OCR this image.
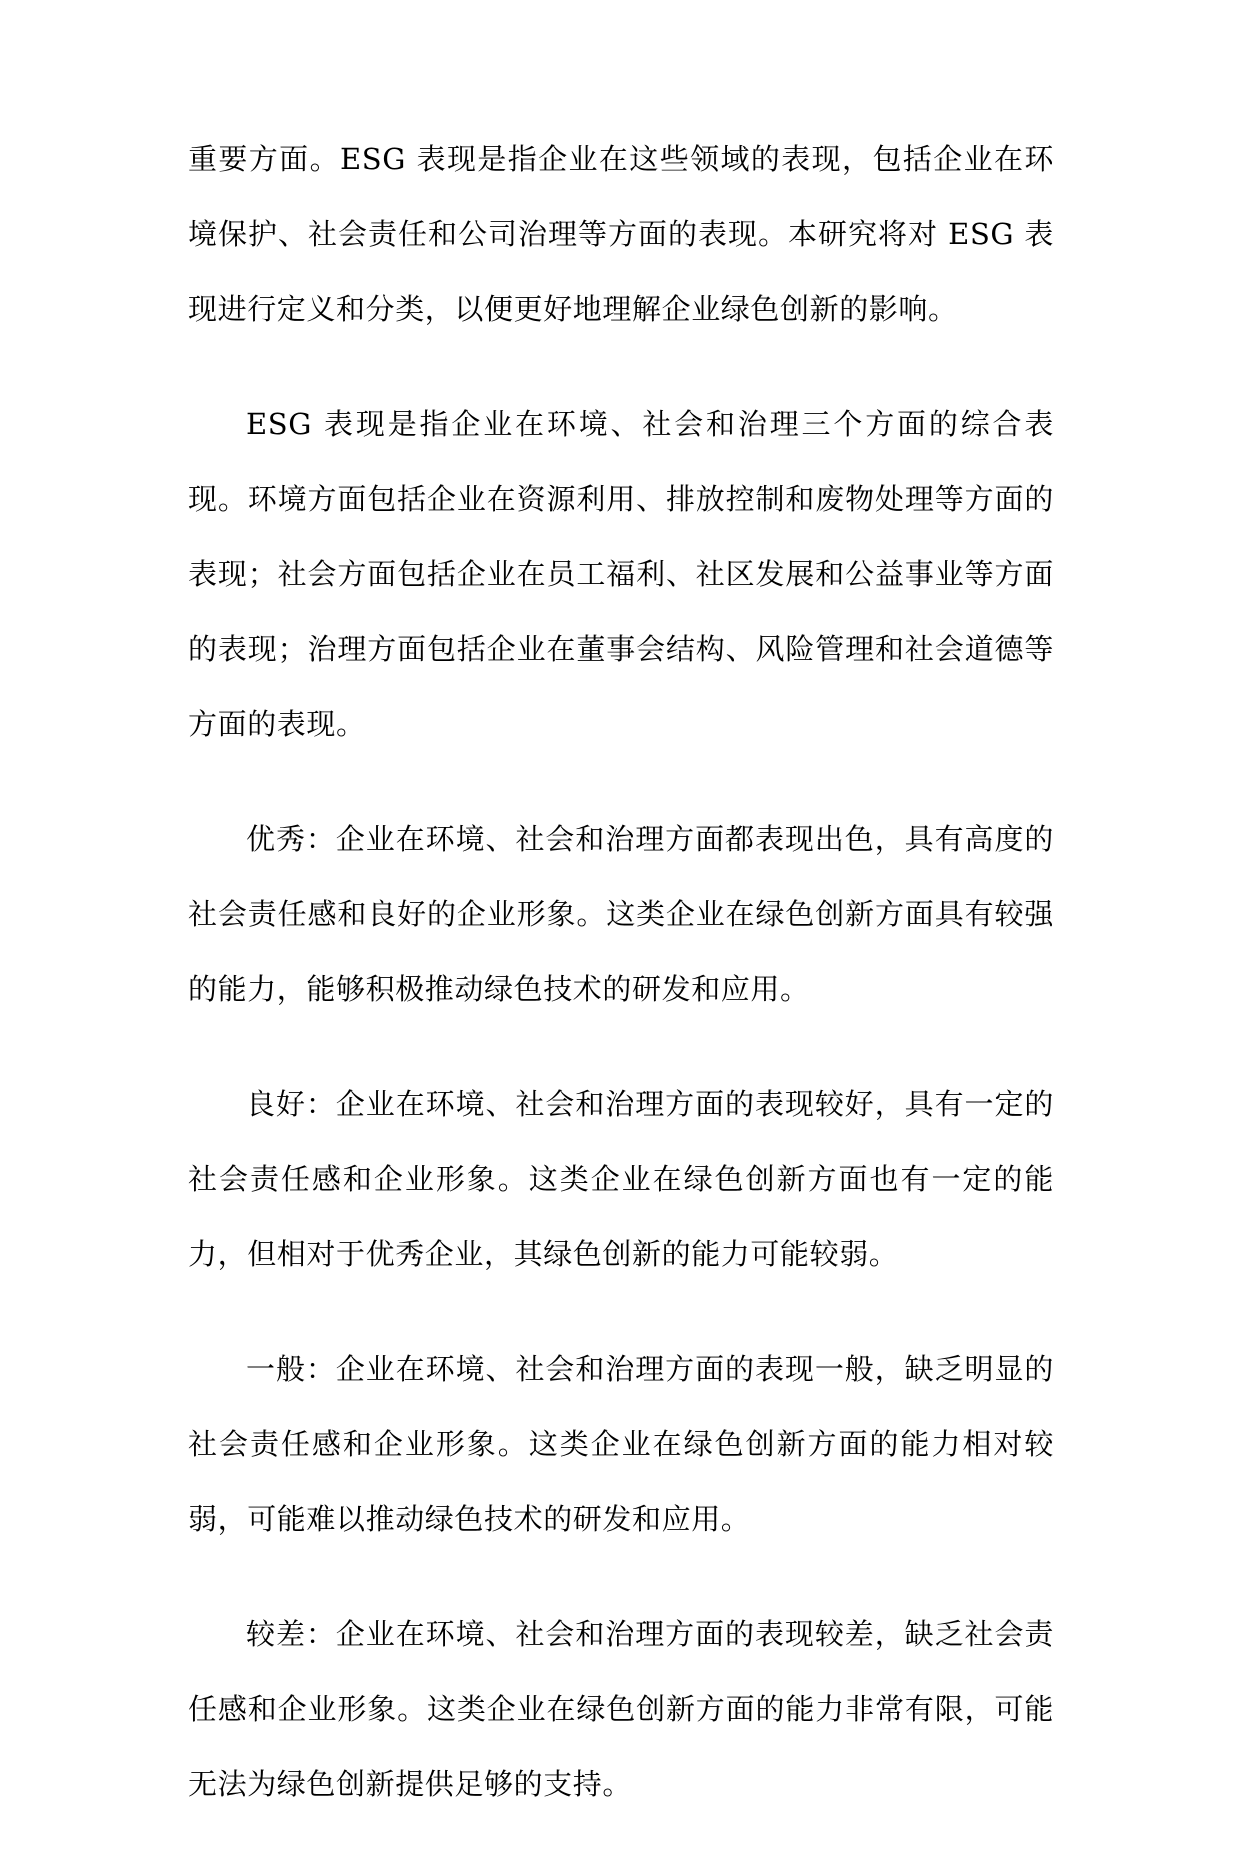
重要方面。ESG 表现是指企业在这些领域的表现，包括企业在环境保护、社会责任和公司治理等方面的表现。本研究将对 ESG 表现进行定义和分类，以便更好地理解企业绿色创新的影响。

ESG 表现是指企业在环境、社会和治理三个方面的综合表现。环境方面包括企业在资源利用、排放控制和废物处理等方面的表现；社会方面包括企业在员工福利、社区发展和公益事业等方面的表现；治理方面包括企业在董事会结构、风险管理和社会道德等方面的表现。

优秀：企业在环境、社会和治理方面都表现出色，具有高度的社会责任感和良好的企业形象。这类企业在绿色创新方面具有较强的能力，能够积极推动绿色技术的研发和应用。

良好：企业在环境、社会和治理方面的表现较好，具有一定的社会责任感和企业形象。这类企业在绿色创新方面也有一定的能力，但相对于优秀企业，其绿色创新的能力可能较弱。

一般：企业在环境、社会和治理方面的表现一般，缺乏明显的社会责任感和企业形象。这类企业在绿色创新方面的能力相对较弱，可能难以推动绿色技术的研发和应用。

较差：企业在环境、社会和治理方面的表现较差，缺乏社会责任感和企业形象。这类企业在绿色创新方面的能力非常有限，可能无法为绿色创新提供足够的支持。
